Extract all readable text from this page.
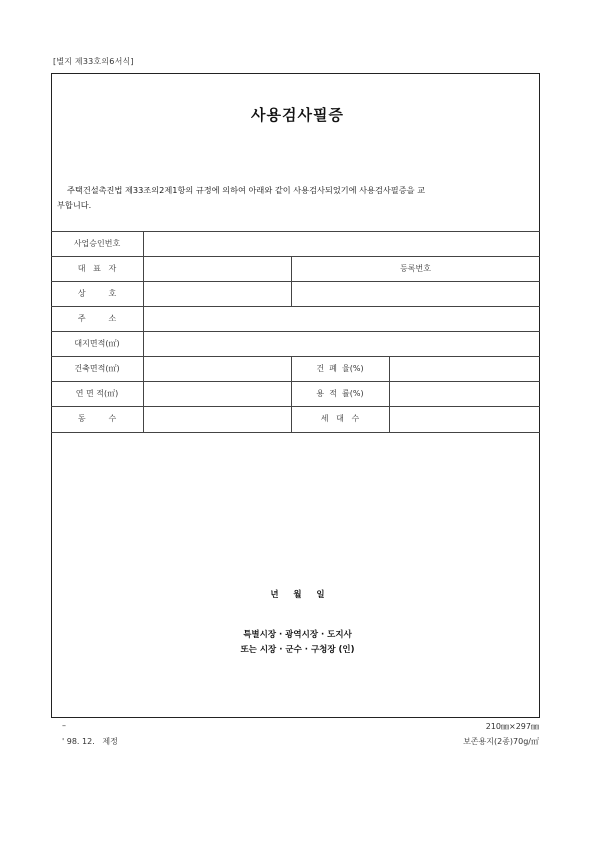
[별지 제33호의6서식]
사용검사필증
주택건설촉진법 제33조의2제1항의 규정에 의하여 아래와 같이 사용검사되었기에 사용검사필증을 교
부합니다.
사업승인번호
대   표   자	등록번호
상         호
주         소
대지면적(㎡)
건축면적(㎡)	건  폐  율(%)
연 면 적(㎡)	용  적  률(%)
동         수	세   대   수
년     월     일
특별시장 · 광역시장 · 도지사
또는 시장 · 군수 · 구청장 (인)
–
' 98. 12.   제정
210㎜×297㎜
보존용지(2종)70g/㎡
